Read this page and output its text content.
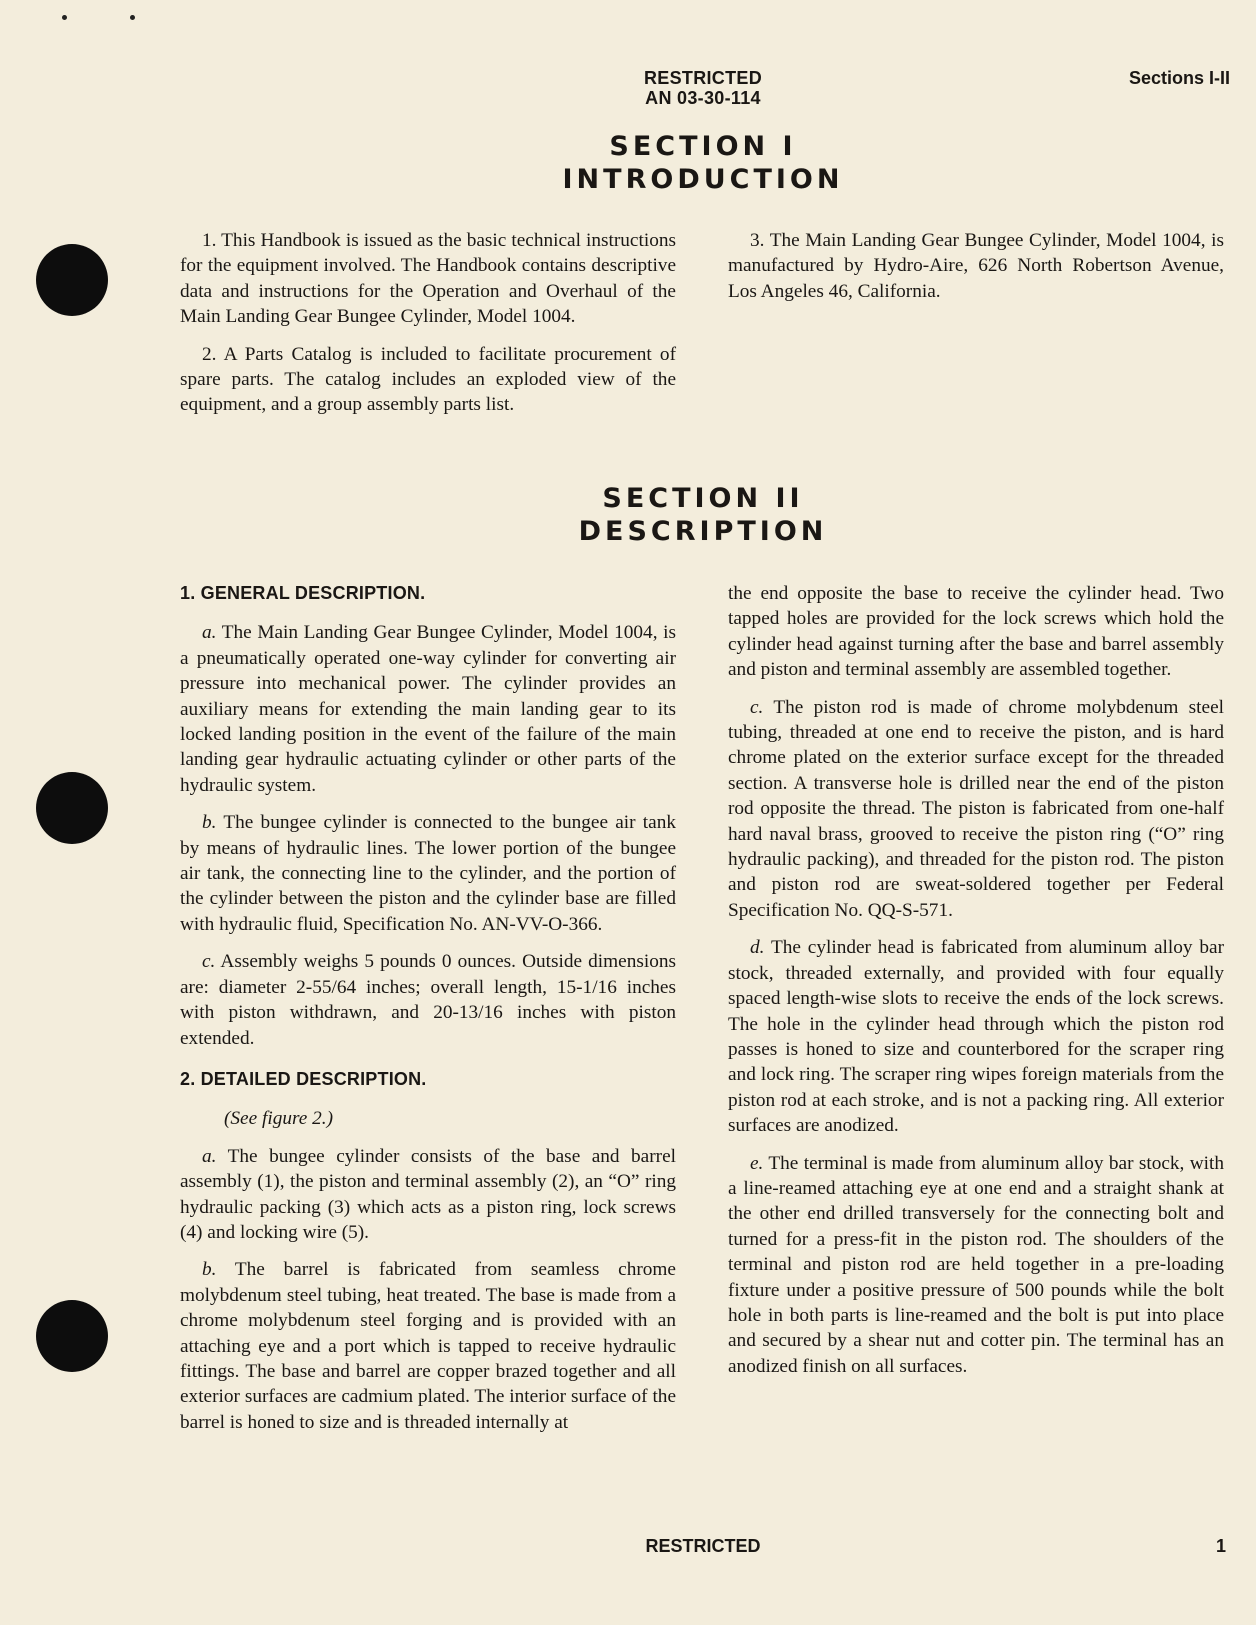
RESTRICTED
AN 03-30-114
Sections I-II
SECTION I
INTRODUCTION

1. This Handbook is issued as the basic technical instructions for the equipment involved. The Handbook contains descriptive data and instructions for the Operation and Overhaul of the Main Landing Gear Bungee Cylinder, Model 1004.

2. A Parts Catalog is included to facilitate procurement of spare parts. The catalog includes an exploded view of the equipment, and a group assembly parts list.

3. The Main Landing Gear Bungee Cylinder, Model 1004, is manufactured by Hydro-Aire, 626 North Robertson Avenue, Los Angeles 46, California.

SECTION II
DESCRIPTION
1. GENERAL DESCRIPTION.

a. The Main Landing Gear Bungee Cylinder, Model 1004, is a pneumatically operated one-way cylinder for converting air pressure into mechanical power. The cylinder provides an auxiliary means for extending the main landing gear to its locked landing position in the event of the failure of the main landing gear hydraulic actuating cylinder or other parts of the hydraulic system.

b. The bungee cylinder is connected to the bungee air tank by means of hydraulic lines. The lower portion of the bungee air tank, the connecting line to the cylinder, and the portion of the cylinder between the piston and the cylinder base are filled with hydraulic fluid, Specification No. AN-VV-O-366.

c. Assembly weighs 5 pounds 0 ounces. Outside dimensions are: diameter 2-55/64 inches; overall length, 15-1/16 inches with piston withdrawn, and 20-13/16 inches with piston extended.

2. DETAILED DESCRIPTION.

(See figure 2.)

a. The bungee cylinder consists of the base and barrel assembly (1), the piston and terminal assembly (2), an “O” ring hydraulic packing (3) which acts as a piston ring, lock screws (4) and locking wire (5).

b. The barrel is fabricated from seamless chrome molybdenum steel tubing, heat treated. The base is made from a chrome molybdenum steel forging and is provided with an attaching eye and a port which is tapped to receive hydraulic fittings. The base and barrel are copper brazed together and all exterior surfaces are cadmium plated. The interior surface of the barrel is honed to size and is threaded internally at

the end opposite the base to receive the cylinder head. Two tapped holes are provided for the lock screws which hold the cylinder head against turning after the base and barrel assembly and piston and terminal assembly are assembled together.

c. The piston rod is made of chrome molybdenum steel tubing, threaded at one end to receive the piston, and is hard chrome plated on the exterior surface except for the threaded section. A transverse hole is drilled near the end of the piston rod opposite the thread. The piston is fabricated from one-half hard naval brass, grooved to receive the piston ring (“O” ring hydraulic packing), and threaded for the piston rod. The piston and piston rod are sweat-soldered together per Federal Specification No. QQ-S-571.

d. The cylinder head is fabricated from aluminum alloy bar stock, threaded externally, and provided with four equally spaced length-wise slots to receive the ends of the lock screws. The hole in the cylinder head through which the piston rod passes is honed to size and counterbored for the scraper ring and lock ring. The scraper ring wipes foreign materials from the piston rod at each stroke, and is not a packing ring. All exterior surfaces are anodized.

e. The terminal is made from aluminum alloy bar stock, with a line-reamed attaching eye at one end and a straight shank at the other end drilled transversely for the connecting bolt and turned for a press-fit in the piston rod. The shoulders of the terminal and piston rod are held together in a pre-loading fixture under a positive pressure of 500 pounds while the bolt hole in both parts is line-reamed and the bolt is put into place and secured by a shear nut and cotter pin. The terminal has an anodized finish on all surfaces.

RESTRICTED	1
